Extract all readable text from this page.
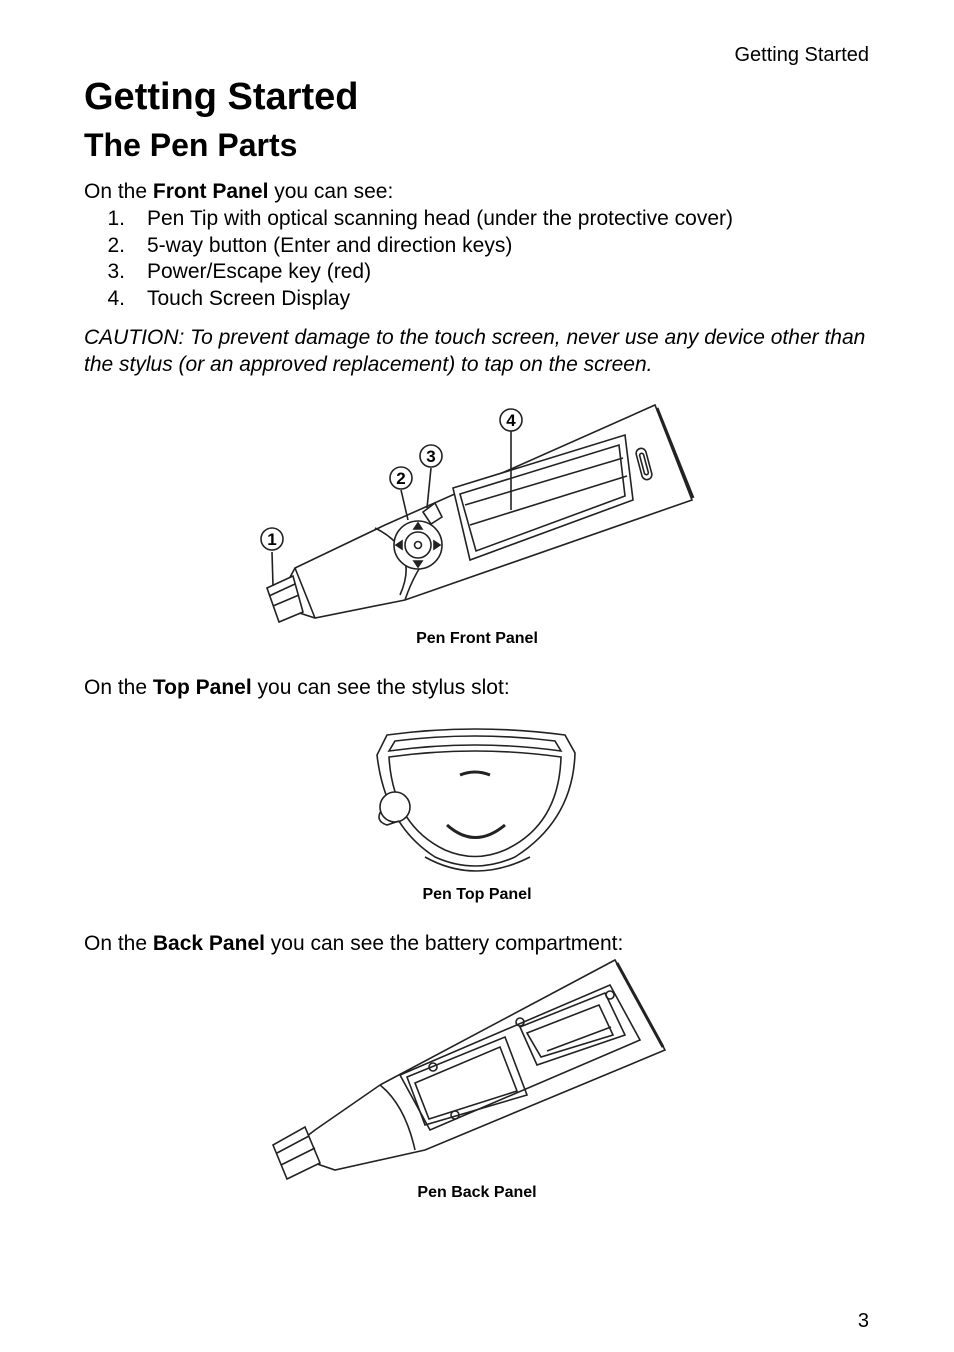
Getting Started
Getting Started
The Pen Parts

On the Front Panel you can see:

1. Pen Tip with optical scanning head (under the protective cover)
2. 5-way button (Enter and direction keys)
3. Power/Escape key (red)
4. Touch Screen Display

CAUTION: To prevent damage to the touch screen, never use any device other than the stylus (or an approved replacement) to tap on the screen.

1
2
3
4
Pen Front Panel

On the Top Panel you can see the stylus slot:

Pen Top Panel

On the Back Panel you can see the battery compartment:

Pen Back Panel
3
